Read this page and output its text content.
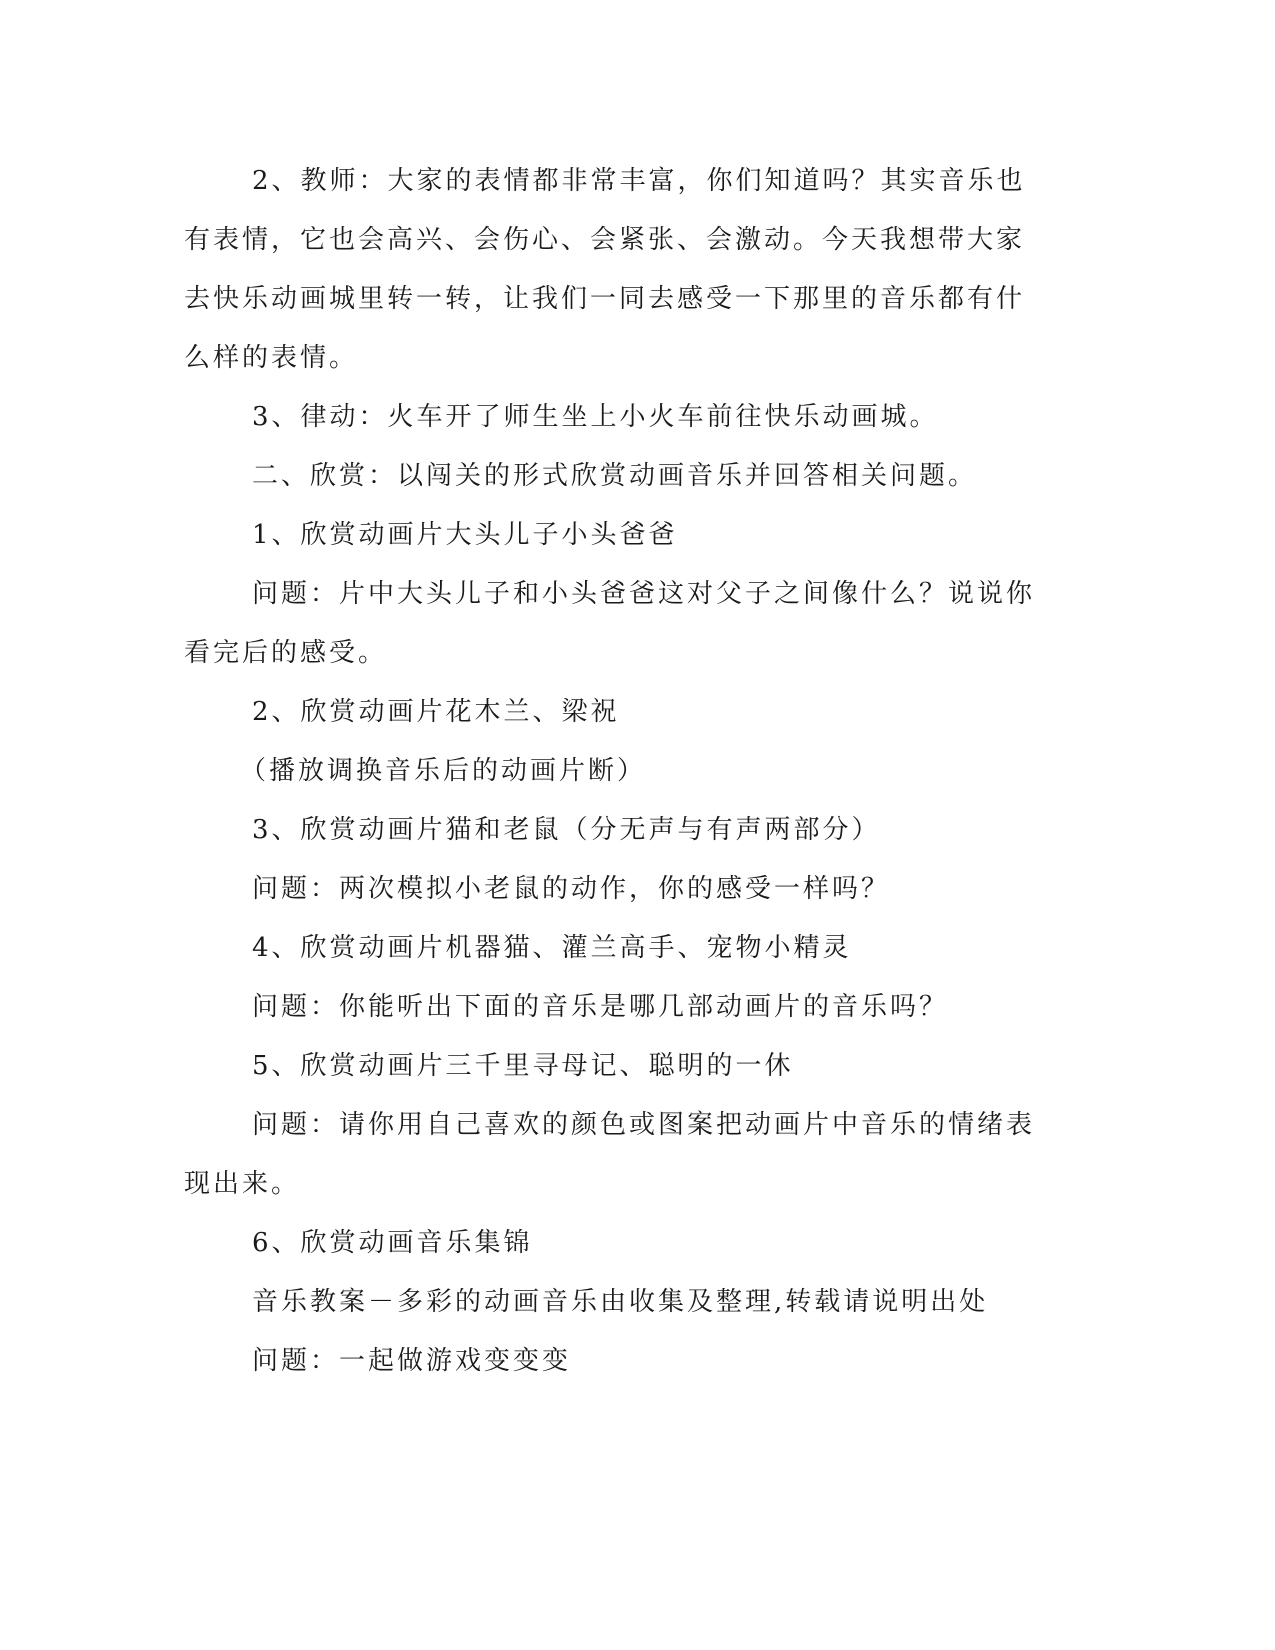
2、教师：大家的表情都非常丰富，你们知道吗？其实音乐也有表情，它也会高兴、会伤心、会紧张、会激动。今天我想带大家去快乐动画城里转一转，让我们一同去感受一下那里的音乐都有什么样的表情。

3、律动：火车开了师生坐上小火车前往快乐动画城。

二、欣赏：以闯关的形式欣赏动画音乐并回答相关问题。

1、欣赏动画片大头儿子小头爸爸

问题：片中大头儿子和小头爸爸这对父子之间像什么？说说你看完后的感受。

2、欣赏动画片花木兰、梁祝

（播放调换音乐后的动画片断）

3、欣赏动画片猫和老鼠（分无声与有声两部分）

问题：两次模拟小老鼠的动作，你的感受一样吗？

4、欣赏动画片机器猫、灌兰高手、宠物小精灵

问题：你能听出下面的音乐是哪几部动画片的音乐吗？

5、欣赏动画片三千里寻母记、聪明的一休

问题：请你用自己喜欢的颜色或图案把动画片中音乐的情绪表现出来。

6、欣赏动画音乐集锦

音乐教案－多彩的动画音乐由收集及整理,转载请说明出处

问题：一起做游戏变变变
